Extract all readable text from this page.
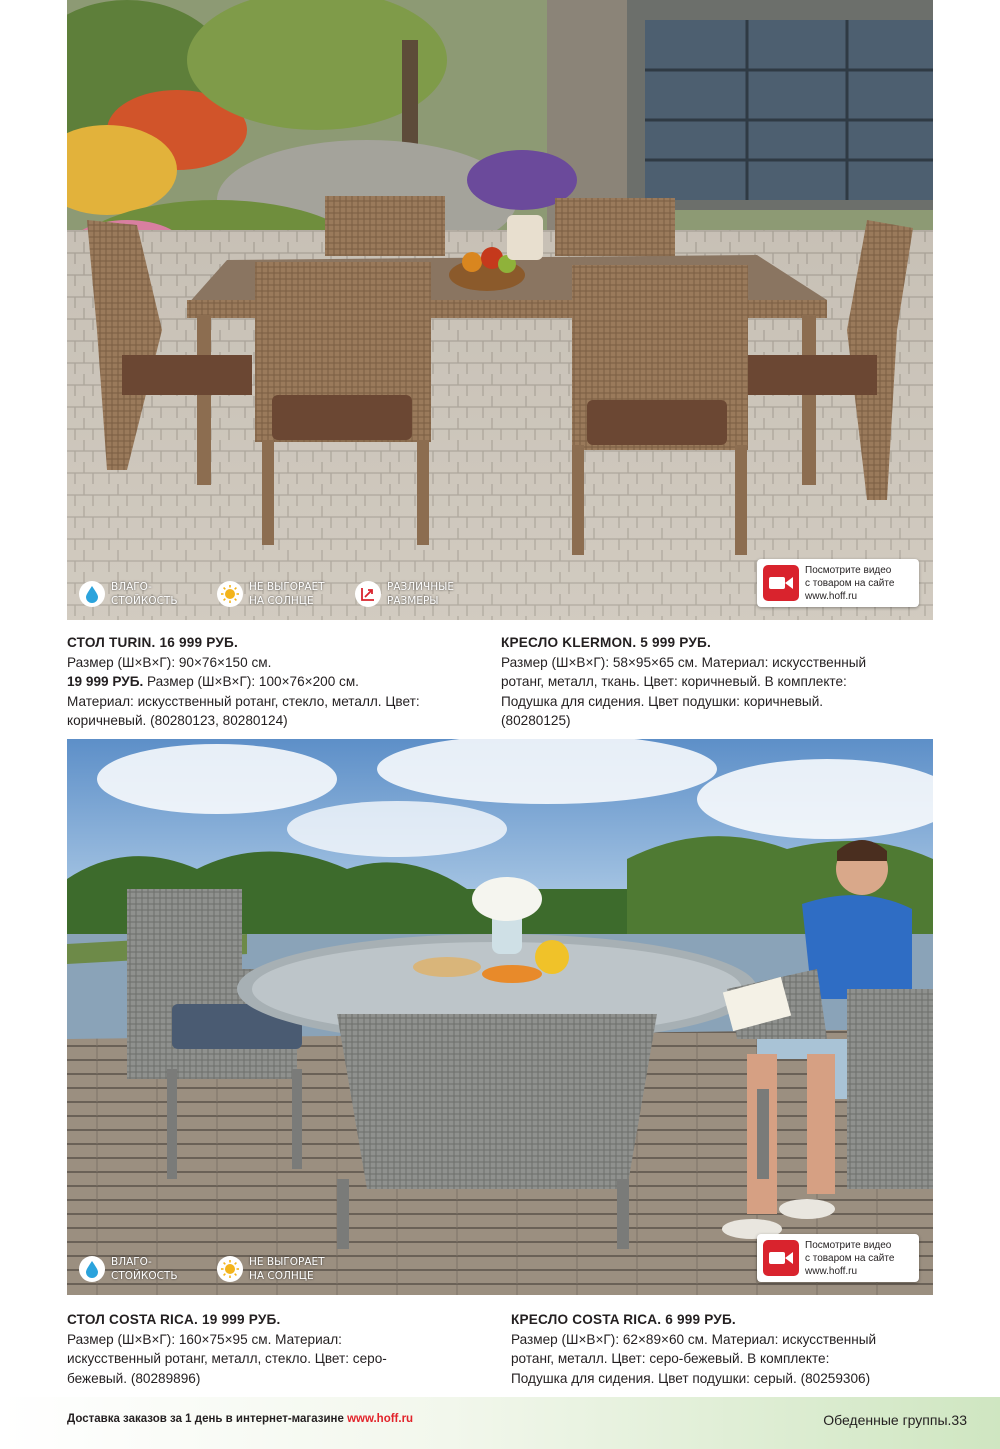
ВЛАГО- СТОЙКОСТЬ
НЕ ВЫГОРАЕТ НА СОЛНЦЕ
РАЗЛИЧНЫЕ РАЗМЕРЫ
Посмотрите видео
с товаром на сайте
www.hoff.ru
СТОЛ TURIN. 16 999 РУБ.
Размер (Ш×В×Г): 90×76×150 см.
19 999 РУБ. Размер (Ш×В×Г): 100×76×200 см.
Материал: искусственный ротанг, стекло, металл. Цвет:
коричневый. (80280123, 80280124)
КРЕСЛО KLERMON. 5 999 РУБ.
Размер (Ш×В×Г): 58×95×65 см. Материал: искусственный
ротанг, металл, ткань. Цвет: коричневый. В комплекте:
Подушка для сидения. Цвет подушки: коричневый.
(80280125)
ВЛАГО- СТОЙКОСТЬ
НЕ ВЫГОРАЕТ НА СОЛНЦЕ
Посмотрите видео
с товаром на сайте
www.hoff.ru
СТОЛ COSTA RICA. 19 999 РУБ.
Размер (Ш×В×Г): 160×75×95 см. Материал:
искусственный ротанг, металл, стекло. Цвет: серо-
бежевый. (80289896)
КРЕСЛО COSTA RICA. 6 999 РУБ.
Размер (Ш×В×Г): 62×89×60 см. Материал: искусственный
ротанг, металл. Цвет: серо-бежевый. В комплекте:
Подушка для сидения. Цвет подушки: серый. (80259306)
Доставка заказов за 1 день в интернет-магазине www.hoff.ru	Обеденные группы.33
